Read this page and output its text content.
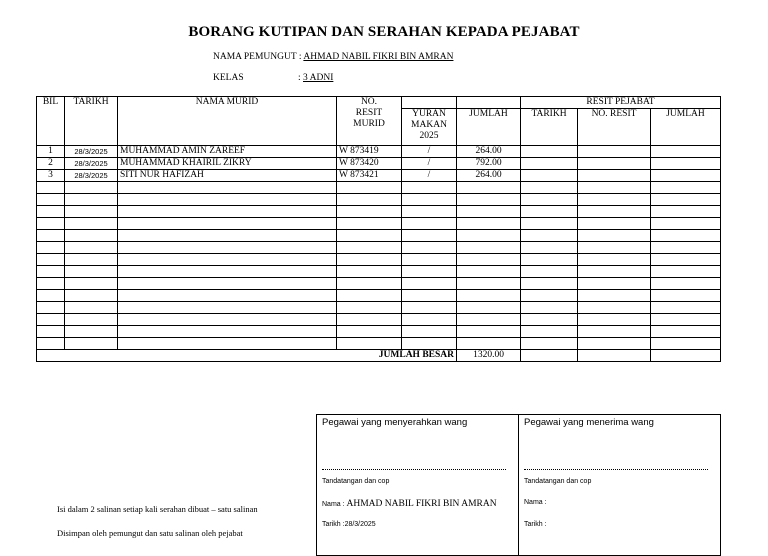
BORANG KUTIPAN DAN SERAHAN KEPADA PEJABAT
NAMA PEMUNGUT : AHMAD NABIL FIKRI BIN AMRAN
KELAS	: 3 ADNI
BIL	TARIKH	NAMA MURID	NO. RESIT MURID			RESIT PEJABAT		
				YURAN MAKAN 2025	JUMLAH	TARIKH	NO. RESIT	JUMLAH
1	28/3/2025	MUHAMMAD AMIN ZAREEF	W 873419	/	264.00			
2	28/3/2025	MUHAMMAD KHAIRIL ZIKRY	W 873420	/	792.00			
3	28/3/2025	SITI NUR HAFIZAH	W 873421	/	264.00			

JUMLAH BESAR					1320.00			
Pegawai yang menyerahkan wang
Tandatangan dan cop
Nama : AHMAD NABIL FIKRI BIN AMRAN
Tarikh :28/3/2025
Pegawai yang menerima wang
Tandatangan dan cop
Nama :
Tarikh :
Isi dalam 2 salinan setiap kali serahan dibuat – satu salinan
Disimpan oleh pemungut dan satu salinan oleh pejabat
